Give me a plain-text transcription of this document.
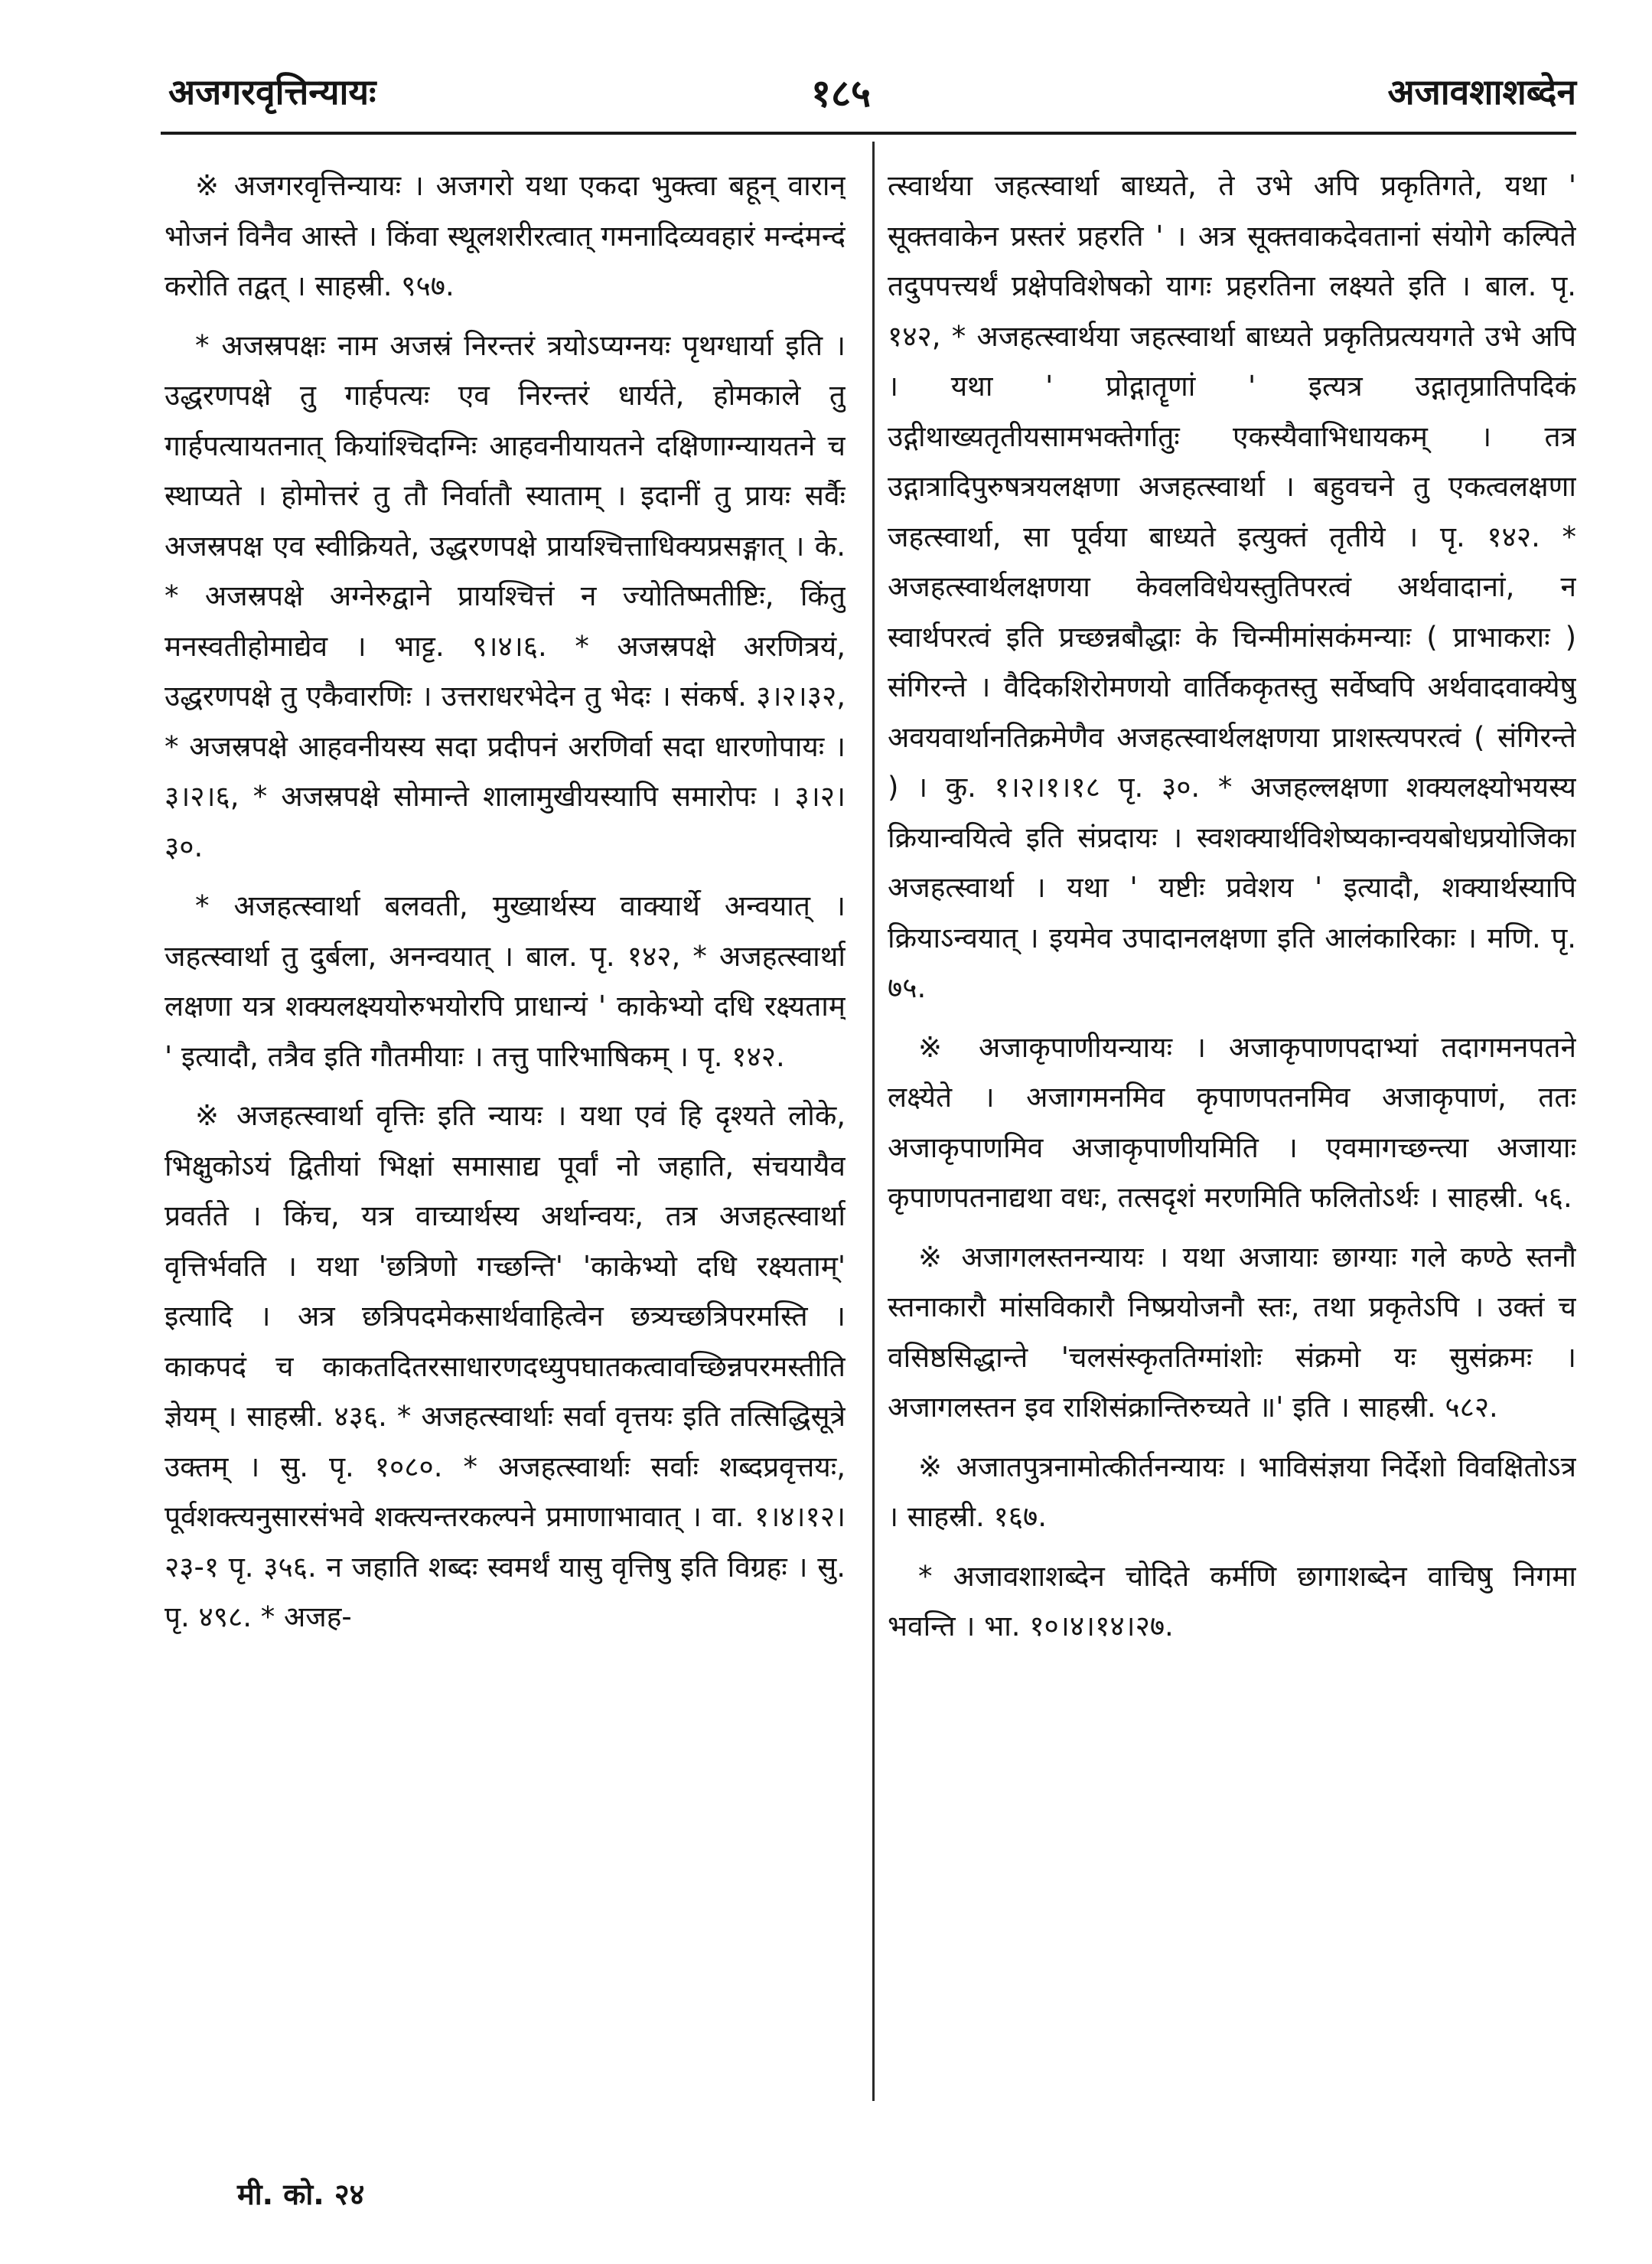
अजगरवृत्तिन्यायः	१८५	अजावशाशब्देन

※ अजगरवृत्तिन्यायः । अजगरो यथा एकदा भुक्त्वा बहून् वारान् भोजनं विनैव आस्ते । किंवा स्थूलशरीरत्वात् गमनादिव्यवहारं मन्दंमन्दं करोति तद्वत् । साहस्री. ९५७.

* अजस्रपक्षः नाम अजस्रं निरन्तरं त्रयोऽप्यग्नयः पृथग्धार्या इति । उद्धरणपक्षे तु गार्हपत्यः एव निरन्तरं धार्यते, होमकाले तु गार्हपत्यायतनात् कियांश्चिदग्निः आहवनीयायतने दक्षिणाग्न्यायतने च स्थाप्यते । होमोत्तरं तु तौ निर्वातौ स्याताम् । इदानीं तु प्रायः सर्वैः अजस्रपक्ष एव स्वीक्रियते, उद्धरणपक्षे प्रायश्चित्ताधिक्यप्रसङ्गात् । के. * अजस्रपक्षे अग्नेरुद्वाने प्रायश्चित्तं न ज्योतिष्मतीष्टिः, किंतु मनस्वतीहोमाद्येव । भाट्ट. ९।४।६. * अजस्रपक्षे अरणित्रयं, उद्धरणपक्षे तु एकैवारणिः । उत्तराधरभेदेन तु भेदः । संकर्ष. ३।२।३२, * अजस्रपक्षे आहवनीयस्य सदा प्रदीपनं अरणिर्वा सदा धारणोपायः । ३।२।६, * अजस्रपक्षे सोमान्ते शालामुखीयस्यापि समारोपः । ३।२।३०.

* अजहत्स्वार्था बलवती, मुख्यार्थस्य वाक्यार्थे अन्वयात् । जहत्स्वार्था तु दुर्बला, अनन्वयात् । बाल. पृ. १४२, * अजहत्स्वार्था लक्षणा यत्र शक्यलक्ष्ययोरुभयोरपि प्राधान्यं ' काकेभ्यो दधि रक्ष्यताम् ' इत्यादौ, तत्रैव इति गौतमीयाः । तत्तु पारिभाषिकम् । पृ. १४२.

※ अजहत्स्वार्था वृत्तिः इति न्यायः । यथा एवं हि दृश्यते लोके, भिक्षुकोऽयं द्वितीयां भिक्षां समासाद्य पूर्वां नो जहाति, संचयायैव प्रवर्तते । किंच, यत्र वाच्यार्थस्य अर्थान्वयः, तत्र अजहत्स्वार्था वृत्तिर्भवति । यथा 'छत्रिणो गच्छन्ति' 'काकेभ्यो दधि रक्ष्यताम्' इत्यादि । अत्र छत्रिपदमेकसार्थवाहित्वेन छत्र्यच्छत्रिपरमस्ति । काकपदं च काकतदितरसाधारणदध्युपघातकत्वावच्छिन्नपरमस्तीति ज्ञेयम् । साहस्री. ४३६. * अजहत्स्वार्थाः सर्वा वृत्तयः इति तत्सिद्धिसूत्रे उक्तम् । सु. पृ. १०८०. * अजहत्स्वार्थाः सर्वाः शब्दप्रवृत्तयः, पूर्वशक्त्यनुसारसंभवे शक्त्यन्तरकल्पने प्रमाणाभावात् । वा. १।४।१२।२३-१ पृ. ३५६. न जहाति शब्दः स्वमर्थं यासु वृत्तिषु इति विग्रहः । सु. पृ. ४९८. * अजह-

त्स्वार्थया जहत्स्वार्था बाध्यते, ते उभे अपि प्रकृतिगते, यथा ' सूक्तवाकेन प्रस्तरं प्रहरति ' । अत्र सूक्तवाकदेवतानां संयोगे कल्पिते तदुपपत्त्यर्थं प्रक्षेपविशेषको यागः प्रहरतिना लक्ष्यते इति । बाल. पृ. १४२, * अजहत्स्वार्थया जहत्स्वार्था बाध्यते प्रकृतिप्रत्ययगते उभे अपि । यथा ' प्रोद्गातॄणां ' इत्यत्र उद्गातृप्रातिपदिकं उद्गीथाख्यतृतीयसामभक्तेर्गातुः एकस्यैवाभिधायकम् । तत्र उद्गात्रादिपुरुषत्रयलक्षणा अजहत्स्वार्था । बहुवचने तु एकत्वलक्षणा जहत्स्वार्था, सा पूर्वया बाध्यते इत्युक्तं तृतीये । पृ. १४२. * अजहत्स्वार्थलक्षणया केवलविधेयस्तुतिपरत्वं अर्थवादानां, न स्वार्थपरत्वं इति प्रच्छन्नबौद्धाः के चिन्मीमांसकंमन्याः ( प्राभाकराः ) संगिरन्ते । वैदिकशिरोमणयो वार्तिककृतस्तु सर्वेष्वपि अर्थवादवाक्येषु अवयवार्थानतिक्रमेणैव अजहत्स्वार्थलक्षणया प्राशस्त्यपरत्वं ( संगिरन्ते ) । कु. १।२।१।१८ पृ. ३०. * अजहल्लक्षणा शक्यलक्ष्योभयस्य क्रियान्वयित्वे इति संप्रदायः । स्वशक्यार्थविशेष्यकान्वयबोधप्रयोजिका अजहत्स्वार्था । यथा ' यष्टीः प्रवेशय ' इत्यादौ, शक्यार्थस्यापि क्रियाऽन्वयात् । इयमेव उपादानलक्षणा इति आलंकारिकाः । मणि. पृ. ७५.

※ अजाकृपाणीयन्यायः । अजाकृपाणपदाभ्यां तदागमनपतने लक्ष्येते । अजागमनमिव कृपाणपतनमिव अजाकृपाणं, ततः अजाकृपाणमिव अजाकृपाणीयमिति । एवमागच्छन्त्या अजायाः कृपाणपतनाद्यथा वधः, तत्सदृशं मरणमिति फलितोऽर्थः । साहस्री. ५६.

※ अजागलस्तनन्यायः । यथा अजायाः छाग्याः गले कण्ठे स्तनौ स्तनाकारौ मांसविकारौ निष्प्रयोजनौ स्तः, तथा प्रकृतेऽपि । उक्तं च वसिष्ठसिद्धान्ते 'चलसंस्कृततिग्मांशोः संक्रमो यः सुसंक्रमः । अजागलस्तन इव राशिसंक्रान्तिरुच्यते ॥' इति । साहस्री. ५८२.

※ अजातपुत्रनामोत्कीर्तनन्यायः । भाविसंज्ञया निर्देशो विवक्षितोऽत्र । साहस्री. १६७.

* अजावशाशब्देन चोदिते कर्मणि छागाशब्देन वाचिषु निगमा भवन्ति । भा. १०।४।१४।२७.

मी. को. २४
